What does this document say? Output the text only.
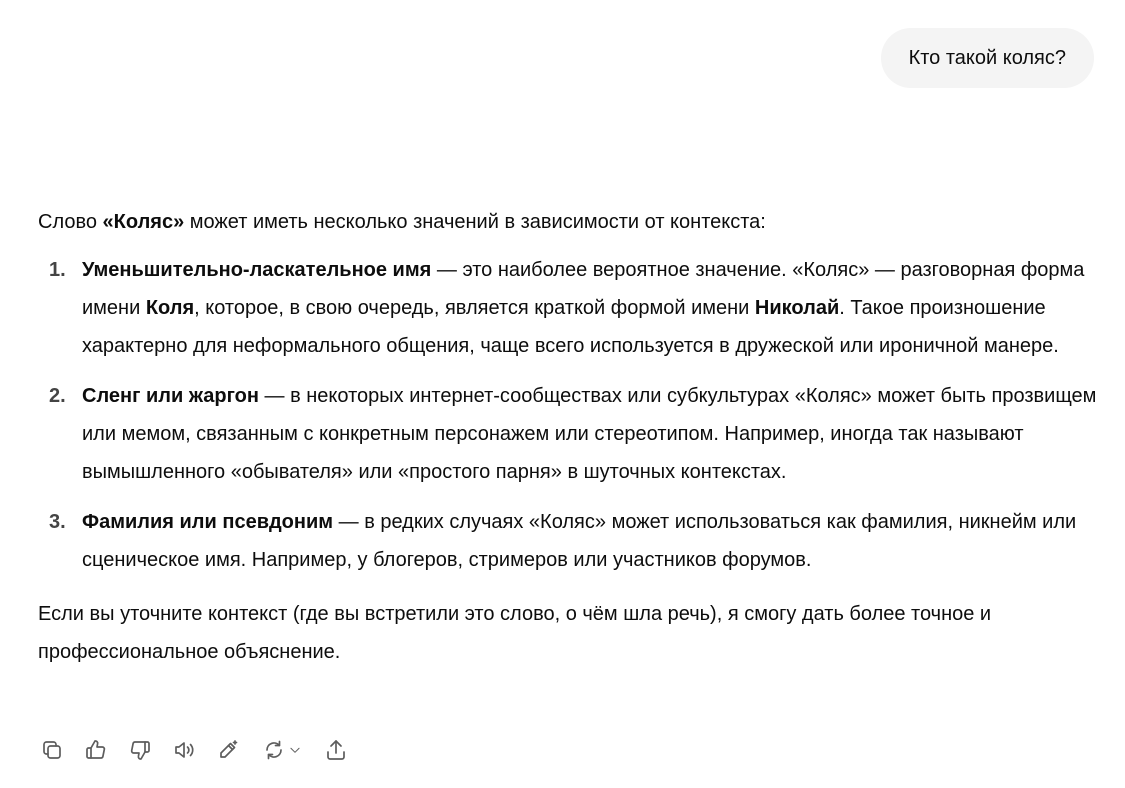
Кто такой коляс?

Слово «Коляс» может иметь несколько значений в зависимости от контекста:

1. Уменьшительно-ласкательное имя — это наиболее вероятное значение. «Коляс» — разговорная форма имени Коля, которое, в свою очередь, является краткой формой имени Николай. Такое произношение характерно для неформального общения, чаще всего используется в дружеской или ироничной манере.
2. Сленг или жаргон — в некоторых интернет-сообществах или субкультурах «Коляс» может быть прозвищем или мемом, связанным с конкретным персонажем или стереотипом. Например, иногда так называют вымышленного «обывателя» или «простого парня» в шуточных контекстах.
3. Фамилия или псевдоним — в редких случаях «Коляс» может использоваться как фамилия, никнейм или сценическое имя. Например, у блогеров, стримеров или участников форумов.

Если вы уточните контекст (где вы встретили это слово, о чём шла речь), я смогу дать более точное и профессиональное объяснение.
